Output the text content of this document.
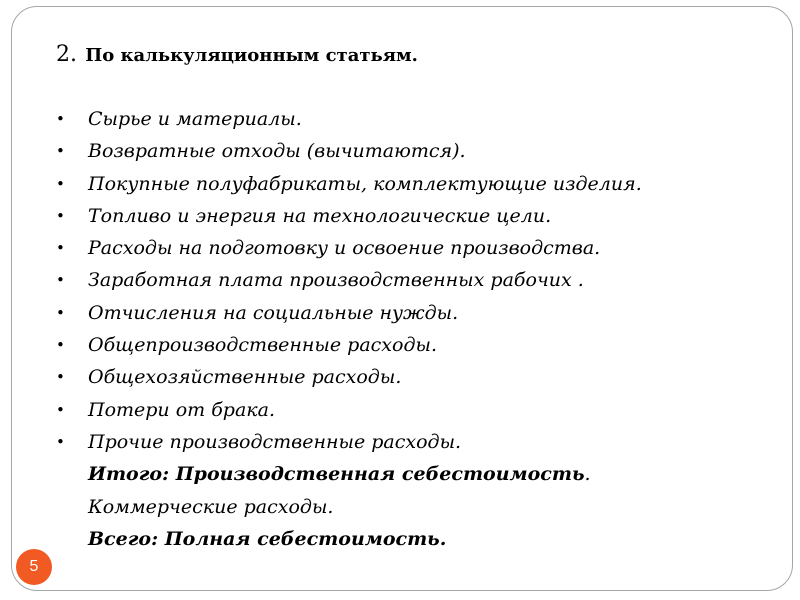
2. По калькуляционным статьям.
• Сырье и материалы.
• Возвратные отходы (вычитаются).
• Покупные полуфабрикаты, комплектующие изделия.
• Топливо и энергия на технологические цели.
• Расходы на подготовку и освоение производства.
• Заработная плата производственных рабочих .
• Отчисления на социальные нужды.
• Общепроизводственные расходы.
• Общехозяйственные расходы.
• Потери от брака.
• Прочие производственные расходы.
Итого: Производственная себестоимость.
Коммерческие расходы.
Всего: Полная себестоимость.
5
